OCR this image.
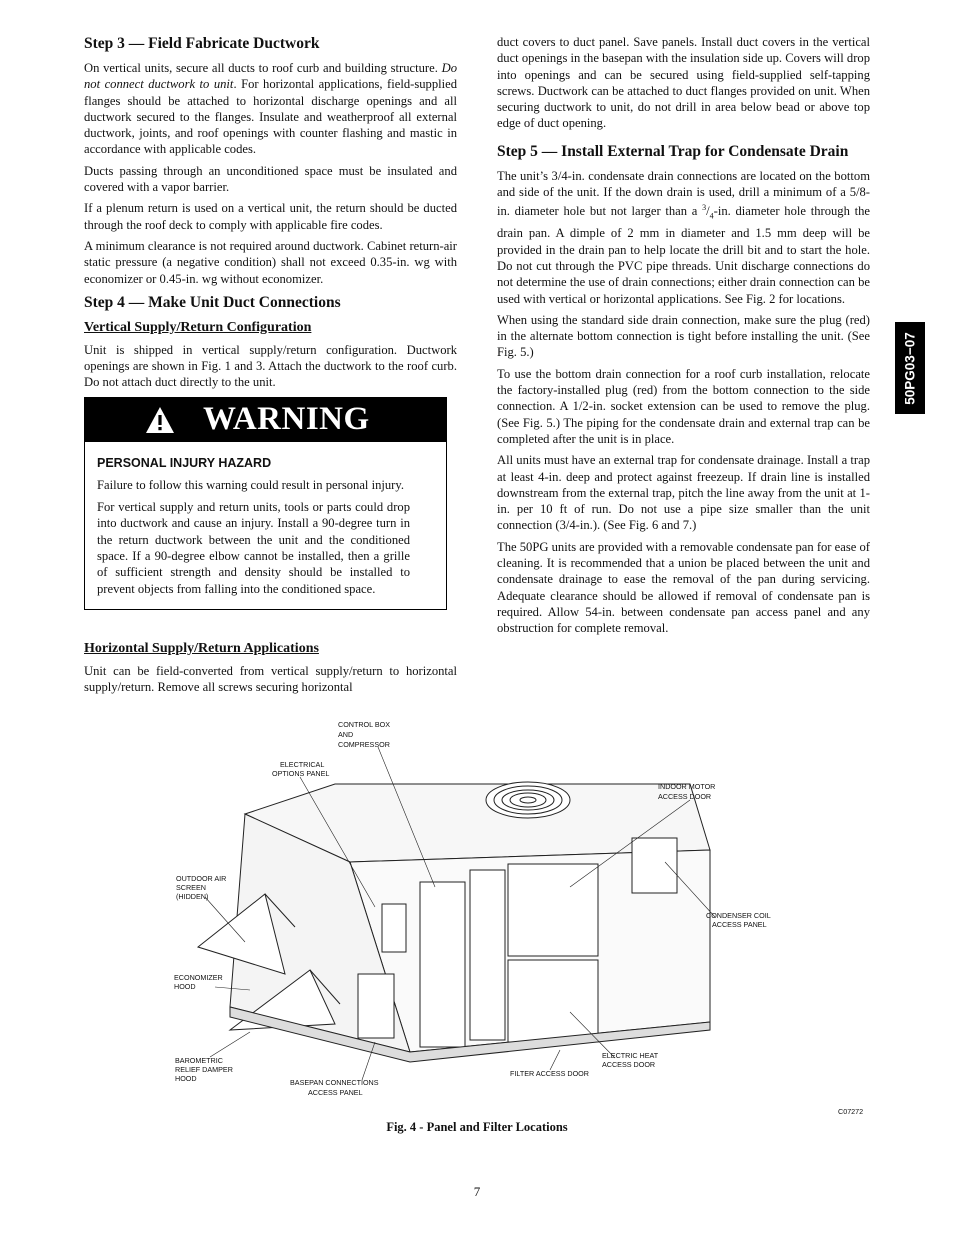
Step 3 — Field Fabricate Ductwork

On vertical units, secure all ducts to roof curb and building structure. Do not connect ductwork to unit. For horizontal applications, field-supplied flanges should be attached to horizontal discharge openings and all ductwork secured to the flanges. Insulate and weatherproof all external ductwork, joints, and roof openings with counter flashing and mastic in accordance with applicable codes.

Ducts passing through an unconditioned space must be insulated and covered with a vapor barrier.

If a plenum return is used on a vertical unit, the return should be ducted through the roof deck to comply with applicable fire codes.

A minimum clearance is not required around ductwork. Cabinet return-air static pressure (a negative condition) shall not exceed 0.35-in. wg with economizer or 0.45-in. wg without economizer.

Step 4 — Make Unit Duct Connections
Vertical Supply/Return Configuration

Unit is shipped in vertical supply/return configuration. Ductwork openings are shown in Fig. 1 and 3. Attach the ductwork to the roof curb. Do not attach duct directly to the unit.

WARNING
PERSONAL INJURY HAZARD

Failure to follow this warning could result in personal injury.

For vertical supply and return units, tools or parts could drop into ductwork and cause an injury. Install a 90-degree turn in the return ductwork between the unit and the conditioned space. If a 90-degree elbow cannot be installed, then a grille of sufficient strength and density should be installed to prevent objects from falling into the conditioned space.

Horizontal Supply/Return Applications

Unit can be field-converted from vertical supply/return to horizontal supply/return. Remove all screws securing horizontal

duct covers to duct panel. Save panels. Install duct covers in the vertical duct openings in the basepan with the insulation side up. Covers will drop into openings and can be secured using field-supplied self-tapping screws. Ductwork can be attached to duct flanges provided on unit. When securing ductwork to unit, do not drill in area below bead or above top edge of duct opening.

Step 5 — Install External Trap for Condensate Drain

The unit’s 3/4-in. condensate drain connections are located on the bottom and side of the unit. If the down drain is used, drill a minimum of a 5/8-in. diameter hole but not larger than a $^3/_4-in$. diameter hole through the drain pan. A dimple of 2 mm in diameter and 1.5 mm deep will be provided in the drain pan to help locate the drill bit and to start the hole. Do not cut through the PVC pipe threads. Unit discharge connections do not determine the use of drain connections; either drain connection can be used with vertical or horizontal applications. See Fig. 2 for locations.

When using the standard side drain connection, make sure the plug (red) in the alternate bottom connection is tight before installing the unit. (See Fig. 5.)

To use the bottom drain connection for a roof curb installation, relocate the factory-installed plug (red) from the bottom connection to the side connection. A 1/2-in. socket extension can be used to remove the plug. (See Fig. 5.) The piping for the condensate drain and external trap can be completed after the unit is in place.

All units must have an external trap for condensate drainage. Install a trap at least 4-in. deep and protect against freezeup. If drain line is installed downstream from the external trap, pitch the line away from the unit at 1-in. per 10 ft of run. Do not use a pipe size smaller than the unit connection (3/4-in.). (See Fig. 6 and 7.)

The 50PG units are provided with a removable condensate pan for ease of cleaning. It is recommended that a union be placed between the unit and condensate drainage to ease the removal of the pan during servicing. Adequate clearance should be allowed if removal of condensate pan is required. Allow 54-in. between condensate pan access panel and any obstruction for complete removal.

50PG03−07
CONTROL BOX
AND
COMPRESSOR
ELECTRICAL
OPTIONS PANEL
INDOOR MOTOR
ACCESS DOOR
OUTDOOR AIR
SCREEN
(HIDDEN)
CONDENSER COIL
ACCESS PANEL
ECONOMIZER
HOOD
BAROMETRIC
RELIEF DAMPER
HOOD	BASEPAN CONNECTIONS
ACCESS PANEL
ELECTRIC HEAT
ACCESS DOOR
FILTER ACCESS DOOR
C07272
Fig. 4 - Panel and Filter Locations
7
